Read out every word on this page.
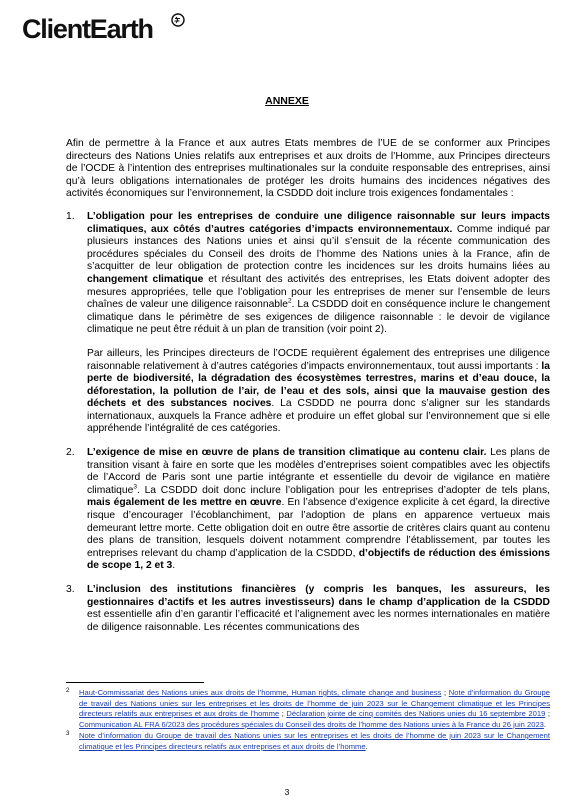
ClientEarth
ANNEXE

Afin de permettre à la France et aux autres Etats membres de l’UE de se conformer aux Principes directeurs des Nations Unies relatifs aux entreprises et aux droits de l’Homme, aux Principes directeurs de l’OCDE à l’intention des entreprises multinationales sur la conduite responsable des entreprises, ainsi qu’à leurs obligations internationales de protéger les droits humains des incidences négatives des activités économiques sur l’environnement, la CSDDD doit inclure trois exigences fondamentales :

1. L’obligation pour les entreprises de conduire une diligence raisonnable sur leurs impacts climatiques, aux côtés d’autres catégories d’impacts environnementaux. Comme indiqué par plusieurs instances des Nations unies et ainsi qu’il s’ensuit de la récente communication des procédures spéciales du Conseil des droits de l’homme des Nations unies à la France, afin de s’acquitter de leur obligation de protection contre les incidences sur les droits humains liées au changement climatique et résultant des activités des entreprises, les Etats doivent adopter des mesures appropriées, telle que l’obligation pour les entreprises de mener sur l’ensemble de leurs chaînes de valeur une diligence raisonnable$^2$. La CSDDD doit en conséquence inclure le changement climatique dans le périmètre de ses exigences de diligence raisonnable : le devoir de vigilance climatique ne peut être réduit à un plan de transition (voir point 2).

Par ailleurs, les Principes directeurs de l’OCDE requièrent également des entreprises une diligence raisonnable relativement à d’autres catégories d’impacts environnementaux, tout aussi importants : la perte de biodiversité, la dégradation des écosystèmes terrestres, marins et d’eau douce, la déforestation, la pollution de l’air, de l’eau et des sols, ainsi que la mauvaise gestion des déchets et des substances nocives. La CSDDD ne pourra donc s’aligner sur les standards internationaux, auxquels la France adhère et produire un effet global sur l’environnement que si elle appréhende l’intégralité de ces catégories.

2. L’exigence de mise en œuvre de plans de transition climatique au contenu clair. Les plans de transition visant à faire en sorte que les modèles d’entreprises soient compatibles avec les objectifs de l’Accord de Paris sont une partie intégrante et essentielle du devoir de vigilance en matière climatique$^3$. La CSDDD doit donc inclure l’obligation pour les entreprises d’adopter de tels plans, mais également de les mettre en œuvre. En l’absence d’exigence explicite à cet égard, la directive risque d’encourager l’écoblanchiment, par l’adoption de plans en apparence vertueux mais demeurant lettre morte. Cette obligation doit en outre être assortie de critères clairs quant au contenu des plans de transition, lesquels doivent notamment comprendre l’établissement, par toutes les entreprises relevant du champ d’application de la CSDDD, d’objectifs de réduction des émissions de scope 1, 2 et 3.

3. L’inclusion des institutions financières (y compris les banques, les assureurs, les gestionnaires d’actifs et les autres investisseurs) dans le champ d’application de la CSDDD est essentielle afin d’en garantir l’efficacité et l’alignement avec les normes internationales en matière de diligence raisonnable. Les récentes communications des

2 Haut-Commissariat des Nations unies aux droits de l’homme, Human rights, climate change and business ; Note d’information du Groupe de travail des Nations unies sur les entreprises et les droits de l’homme de juin 2023 sur le Changement climatique et les Principes directeurs relatifs aux entreprises et aux droits de l’homme ; Déclaration jointe de cinq comités des Nations unies du 16 septembre 2019 ; Communication AL FRA 6/2023 des procédures spéciales du Conseil des droits de l’homme des Nations unies à la France du 26 juin 2023.
3 Note d’information du Groupe de travail des Nations unies sur les entreprises et les droits de l’homme de juin 2023 sur le Changement climatique et les Principes directeurs relatifs aux entreprises et aux droits de l’homme.
3
